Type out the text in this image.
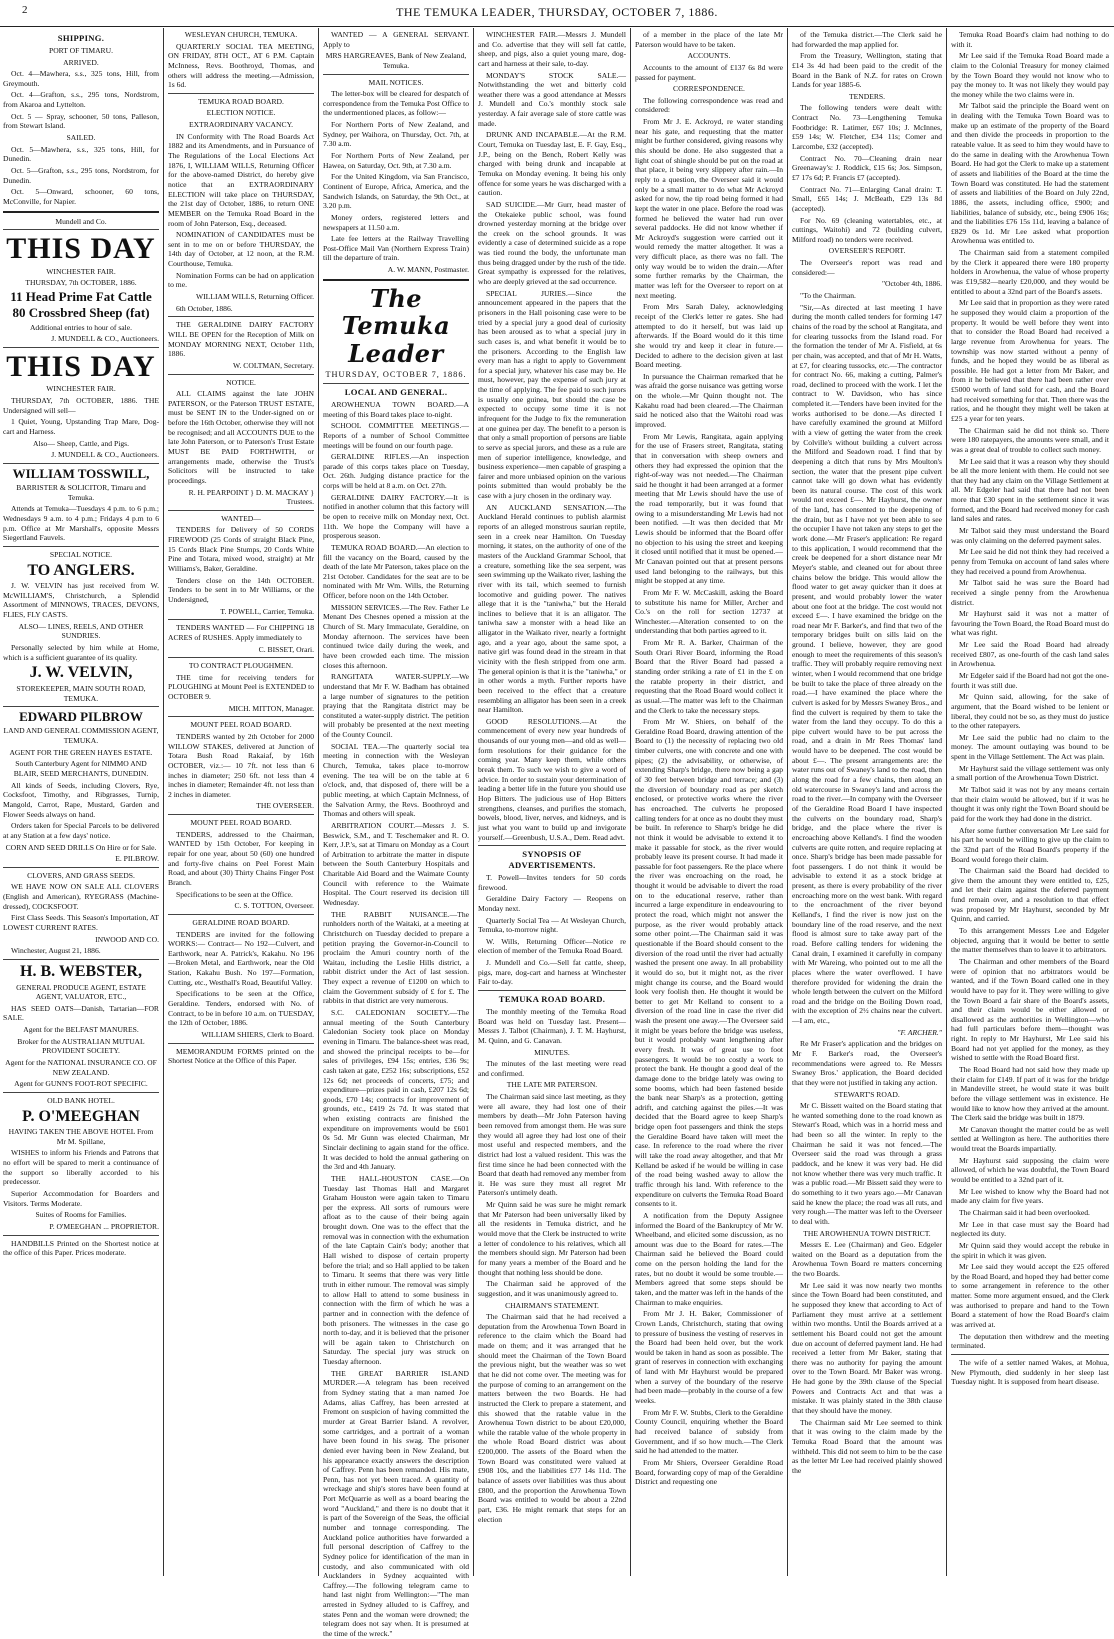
2	THE TEMUKA LEADER, THURSDAY, OCTOBER 7, 1886.

SHIPPING.

PORT OF TIMARU.

ARRIVED.

Oct. 4—Mawhera, s.s., 325 tons, Hill, from Greymouth.

Oct. 4—Grafton, s.s., 295 tons, Nordstrom, from Akaroa and Lyttelton.

Oct. 5 — Spray, schooner, 50 tons, Palleson, from Stewart Island.

SAILED.

Oct. 5—Mawhera, s.s., 325 tons, Hill, for Dunedin.

Oct. 5—Grafton, s.s., 295 tons, Nordstrom, for Dunedin.

Oct. 5—Onward, schooner, 60 tons, McConville, for Napier.

Mundell and Co.

THIS DAY

WINCHESTER FAIR.

THURSDAY, 7th OCTOBER, 1886.

11 Head Prime Fat Cattle

80 Crossbred Sheep (fat)

Additional entries to hour of sale.

J. MUNDELL & CO., Auctioneers.

THIS DAY

WINCHESTER FAIR.

THURSDAY, 7th OCTOBER, 1886. THE Undersigned will sell—

1 Quiet, Young, Upstanding Trap Mare, Dog-cart and Harness.

Also— Sheep, Cattle, and Pigs.

J. MUNDELL & CO., Auctioneers.

WILLIAM TOSSWILL,

BARRISTER & SOLICITOR, Timaru and Temuka.

Attends at Temuka—Tuesdays 4 p.m. to 6 p.m.; Wednesdays 9 a.m. to 4 p.m.; Fridays 4 p.m to 6 p.m. Office at Mr Marshall's, opposite Messrs Siegertland Fauvels.

SPECIAL NOTICE.

TO ANGLERS.

J. W. VELVIN has just received from W. McWILLIAM'S, Christchurch, a Splendid Assortment of MINNOWS, TRACES, DEVONS, FLIES, FLY CASTS.

ALSO— LINES, REELS, AND OTHER SUNDRIES.

Personally selected by him while at Home, which is a sufficient guarantee of its quality.

J. W. VELVIN,

STOREKEEPER, MAIN SOUTH ROAD, TEMUKA.

EDWARD PILBROW

LAND AND GENERAL COMMISSION AGENT, TEMUKA.

AGENT FOR THE GREEN HAYES ESTATE.

South Canterbury Agent for NIMMO AND BLAIR, SEED MERCHANTS, DUNEDIN.

All kinds of Seeds, including Clovers, Rye, Cocksfoot, Timothy, and Ribgrasses, Turnip, Mangold, Carrot, Rape, Mustard, Garden and Flower Seeds always on hand.

Orders taken for Special Parcels to be delivered at any Station at a few days' notice.

CORN AND SEED DRILLS On Hire or for Sale.

E. PILBROW.

CLOVERS, AND GRASS SEEDS.

WE HAVE NOW ON SALE ALL CLOVERS (English and American), RYEGRASS (Machine-dressed), COCKSFOOT.

First Class Seeds. This Season's Importation, AT LOWEST CURRENT RATES.

INWOOD AND CO.

Winchester, August 21, 1886.

H. B. WEBSTER,

GENERAL PRODUCE AGENT, ESTATE AGENT, VALUATOR, ETC.,

HAS SEED OATS—Danish, Tartarian—FOR SALE.

Agent for the BELFAST MANURES.

Broker for the AUSTRALIAN MUTUAL PROVIDENT SOCIETY.

Agent for the NATIONAL INSURANCE CO. OF NEW ZEALAND.

Agent for GUNN'S FOOT-ROT SPECIFIC.

OLD BANK HOTEL.

P. O'MEEGHAN

HAVING TAKEN THE ABOVE HOTEL From Mr M. Spillane,

WISHES to inform his Friends and Patrons that no effort will be spared to merit a continuance of the support so liberally accorded to his predecessor.

Superior Accommodation for Boarders and Visitors. Terms Moderate.

Suites of Rooms for Families.

P. O'MEEGHAN ... PROPRIETOR.

HANDBILLS Printed on the Shortest notice at the office of this Paper. Prices moderate.

WESLEYAN CHURCH, TEMUKA.

QUARTERLY SOCIAL TEA MEETING, ON FRIDAY, 8TH OCT., AT 6 P.M. Captain McInness, Revs. Boothroyd, Thomas, and others will address the meeting.—Admission, 1s 6d.

TEMUKA ROAD BOARD.

ELECTION NOTICE.

EXTRAORDINARY VACANCY.

IN Conformity with The Road Boards Act 1882 and its Amendments, and in Pursuance of The Regulations of the Local Elections Act 1876, I, WILLIAM WILLS, Returning Officer for the above-named District, do hereby give notice that an EXTRAORDINARY ELECTION will take place on THURSDAY, the 21st day of October, 1886, to return ONE MEMBER on the Temuka Road Board in the room of John Paterson, Esq., deceased.

NOMINATION of CANDIDATES must be sent in to me on or before THURSDAY, the 14th day of October, at 12 noon, at the R.M. Courthouse, Temuka.

Nomination Forms can be had on application to me.

WILLIAM WILLS, Returning Officer.

6th October, 1886.

THE GERALDINE DAIRY FACTORY WILL BE OPEN for the Reception of Milk on MONDAY MORNING NEXT, October 11th, 1886.

W. COLTMAN, Secretary.

NOTICE.

ALL CLAIMS against the late JOHN PATERSON, or the Paterson TRUST ESTATE, must be SENT IN to the Under-signed on or before the 16th October, otherwise they will not be recognised; and all ACCOUNTS DUE to the late John Paterson, or to Paterson's Trust Estate MUST BE PAID FORTHWITH, or arrangements made, otherwise the Trust's Solicitors will be instructed to take proceedings.

R. H. PEARPOINT } D. M. MACKAY } Trustees.

WANTED—

TENDERS for Delivery of 50 CORDS FIREWOOD (25 Cords of straight Black Pine, 15 Cords Black Pine Stumps, 20 Cords White Pine and Totara, mixed wood, straight) at Mr Williams's, Baker, Geraldine.

Tenders close on the 14th OCTOBER. Tenders to be sent in to Mr Williams, or the Undersigned,

T. POWELL, Carrier, Temuka.

TENDERS WANTED — For CHIPPING 18 ACRES of RUSHES. Apply immediately to

C. BISSET, Orari.

TO CONTRACT PLOUGHMEN.

THE time for receiving tenders for PLOUGHING at Mount Peel is EXTENDED to OCTOBER 9.

MICH. MITTON, Manager.

MOUNT PEEL ROAD BOARD.

TENDERS wanted by 2th October for 2000 WILLOW STAKES, delivered at Junction of Totara Bush Road Rakaiaf, by 16th OCTOBER, viz.:— 10 7ft. not less than 6 inches in diameter; 250 6ft. not less than 4 inches in diameter; Remainder 4ft. not less than 2 inches in diameter.

THE OVERSEER.

MOUNT PEEL ROAD BOARD.

TENDERS, addressed to the Chairman, WANTED by 15th October, For keeping in repair for one year, about 50 (60) one hundred and forty-five chains on Peel Forest Main Road, and about (30) Thirty Chains Finger Post Branch.

Specifications to be seen at the Office.

C. S. TOTTON, Overseer.

GERALDINE ROAD BOARD.

TENDERS are invited for the following WORKS:— Contract— No 192—Culvert, and Earthwork, near A. Patrick's, Kakahu. No 196—Broken Metal, and Earthwork, near the Old Station, Kakahu Bush. No 197—Formation, Cutting, etc., Westhall's Road, Beautiful Valley.

Specifications to be seen at the Office, Geraldine. Tenders, endorsed with No. of Contract, to be in before 10 a.m. on TUESDAY, the 12th of October, 1886.

WILLIAM SHIERS, Clerk to Board.

MEMORANDUM FORMS printed on the Shortest Notice at the Office of this Paper.

WANTED — A GENERAL SERVANT. Apply to

MRS HARGREAVES, Bank of New Zealand, Temuka.

MAIL NOTICES.

The letter-box will be cleared for despatch of correspondence from the Temuka Post Office to the undermentioned places, as follow:—

For Northern Ports of New Zealand, and Sydney, per Waihora, on Thursday, Oct. 7th, at 7.30 a.m.

For Northern Ports of New Zealand, per Hawea, on Saturday, Oct. 9th, at 7.30 a.m.

For the United Kingdom, via San Francisco, Continent of Europe, Africa, America, and the Sandwich Islands, on Saturday, the 9th Oct., at 3.20 p.m.

Money orders, registered letters and newspapers at 11.50 a.m.

Late fee letters at the Railway Travelling Post-Office Mail Van (Northern Express Train) till the departure of train.

A. W. MANN, Postmaster.

The Temuka Leader

THURSDAY, OCTOBER 7, 1886.

LOCAL AND GENERAL.

AROWHENUA TOWN BOARD.—A meeting of this Board takes place to-night.

SCHOOL COMMITTEE MEETINGS.—Reports of a number of School Committee meetings will be found on our fourth page.

GERALDINE RIFLES.—An inspection parade of this corps takes place on Tuesday, Oct. 26th. Judging distance practice for the corps will be held at 8 a.m. on Oct. 27th.

GERALDINE DAIRY FACTORY.—It is notified in another column that this factory will be open to receive milk on Monday next, Oct. 11th. We hope the Company will have a prosperous season.

TEMUKA ROAD BOARD.—An election to fill the vacancy on the Board, caused by the death of the late Mr Paterson, takes place on the 21st October. Candidates for the seat are to be nominated with Mr Wm. Wills, the Returning Officer, before noon on the 14th October.

MISSION SERVICES.—The Rev. Father Le Menant Des Chesnes opened a mission at the Church of St. Mary Immaculate, Geraldine, on Monday afternoon. The services have been continued twice daily during the week, and have been crowded each time. The mission closes this afternoon.

RANGITATA WATER-SUPPLY.—We understand that Mr F. W. Badham has obtained a large number of signatures to the petition praying that the Rangitata district may be constituted a water-supply district. The petition will probably be presented at the next meeting of the County Council.

SOCIAL TEA.—The quarterly social tea meeting in connection with the Wesleyan Church, Temuka, takes place to-morrow evening. The tea will be on the table at 6 o'clock, and, that disposed of, there will be a public meeting, at which Captain McInness, of the Salvation Army, the Revs. Boothroyd and Thomas and others will speak.

ARBITRATION COURT.—Messrs J. S. Beswick, S.M., and T. Teschemaker and R. O. Kerr, J.P.'s, sat at Timaru on Monday as a Court of Arbitration to arbitrate the matter in dispute between the South Canterbury Hospitals and Charitable Aid Board and the Waimate County Council with reference to the Waimate Hospital. The Court reserved its decision till Wednesday.

THE RABBIT NUISANCE.—The runholders north of the Waitaki, at a meeting at Christchurch on Tuesday decided to prepare a petition praying the Governor-in-Council to proclaim the Amuri country north of the Waitau, including the Leslie Hills district, a rabbit district under the Act of last session. They expect a revenue of £1200 on which to claim the Government subsidy of £ for £. The rabbits in that district are very numerous.

S.C. CALEDONIAN SOCIETY.—The annual meeting of the South Canterbury Caledonian Society took place on Monday evening in Timaru. The balance-sheet was read, and showed the principal receipts to be—for sales of privileges, £94 15s; entries, £36 9s; cash taken at gate, £252 16s; subscriptions, £52 12s 6d; net proceeds of concerts, £75; and expenditure—prizes paid in cash, £207 12s 6d; goods, £70 14s; contracts for improvement of grounds, etc., £419 2s 7d. It was stated that when existing contracts are finished the expenditure on improvements would be £601 0s 5d. Mr Gunn was elected Chairman, Mr Sinclair declining to again stand for the office. It was decided to hold the annual gathering on the 3rd and 4th January.

THE HALL-HOUSTON CASE.—On Tuesday last Thomas Hall and Margaret Graham Houston were again taken to Timaru per the express. All sorts of rumours were afloat as to the cause of their being again brought down. One was to the effect that the removal was in connection with the exhumation of the late Captain Cain's body; another that Hall wished to dispose of certain property before the trial; and so Hall applied to be taken to Timaru. It seems that there was very little truth in either rumour. The removal was simply to allow Hall to attend to some business in connection with the firm of which he was a partner and in connection with the defence of both prisoners. The witnesses in the case go north to-day, and it is believed that the prisoner will be again taken to Christchurch on Saturday. The special jury was struck on Tuesday afternoon.

THE GREAT BARRIER ISLAND MURDER.—A telegram has been received from Sydney stating that a man named Joe Adams, alias Caffrey, has been arrested at Fremont on suspicion of having committed the murder at Great Barrier Island. A revolver, some cartridges, and a portrait of a woman have been found in his swag. The prisoner denied ever having been in New Zealand, but his appearance exactly answers the description of Caffrey. Penn has been remanded. His mate, Penn, has not yet been traced. A quantity of wreckage and ship's stores have been found at Port McQuarrie as well as a board bearing the word "Auckland," and there is no doubt that it is part of the Sovereign of the Seas, the official number and tonnage corresponding. The Auckland police authorities have forwarded a full personal description of Caffrey to the Sydney police for identification of the man in custody, and also communicated with old Aucklanders in Sydney acquainted with Caffrey.—The following telegram came to hand last night from Wellington:—"The man arrested in Sydney alluded to is Caffrey, and states Penn and the woman were drowned; the telegram does not say when. It is presumed at the time of the wreck."

WINCHESTER FAIR.—Messrs J. Mundell and Co. advertise that they will sell fat cattle, sheep, and pigs, also a quiet young mare, dog-cart and harness at their sale, to-day.

MONDAY'S STOCK SALE.—Notwithstanding the wet and bitterly cold weather there was a good attendance at Messrs J. Mundell and Co.'s monthly stock sale yesterday. A fair average sale of store cattle was made.

DRUNK AND INCAPABLE.—At the R.M. Court, Temuka on Tuesday last, E. F. Gay, Esq., J.P., being on the Bench, Robert Kelly was charged with being drunk and incapable at Temuka on Monday evening. It being his only offence for some years he was discharged with a caution.

SAD SUICIDE.—Mr Gurr, head master of the Otekaieke public school, was found drowned yesterday morning at the bridge over the creek on the school grounds. It was evidently a case of determined suicide as a rope was tied round the body, the unfortunate man thus being dragged under by the rush of the tide. Great sympathy is expressed for the relatives, who are deeply grieved at the sad occurrence.

SPECIAL JURIES.—Since the announcement appeared in the papers that the prisoners in the Hall poisoning case were to be tried by a special jury a good deal of curiosity has been aroused as to what a special jury in such cases is, and what benefit it would be to the prisoners. According to the English law every man has a right to apply to Government for a special jury, whatever his case may be. He must, however, pay the expense of such jury at the time of applying. The fee paid to such jurors is usually one guinea, but should the case be expected to occupy some time it is not infrequent for the Judge to fix the remuneration at one guinea per day. The benefit to a person is that only a small proportion of persons are liable to serve as special jurors, and these as a rule are men of superior intelligence, knowledge, and business experience—men capable of grasping a fairer and more unbiased opinion on the various points submitted than would probably be the case with a jury chosen in the ordinary way.

AN AUCKLAND SENSATION.—The Auckland Herald continues to publish alarmist reports of an alleged monstrous saurian reptile, seen in a creek near Hamilton. On Tuesday morning, it states, on the authority of one of the masters of the Auckland Grammar School, that a creature, something like the sea serpent, was seen swimming up the Waikato river, lashing the river with its tail, which seemed to furnish locomotive and guiding power. The natives allege that it is the "taniwha," but the Herald inclines to believe that it is an alligator. The taniwha saw a monster with a head like an alligator in the Waikato river, nearly a fortnight ago, and a year ago, about the same spot, a native girl was found dead in the stream in that vicinity with the flesh stripped from one arm. The general opinion is that it is the "taniwha," or in other words a myth. Further reports have been received to the effect that a creature resembling an alligator has been seen in a creek near Hamilton.

GOOD RESOLUTIONS.—At the commencement of every new year hundreds of thousands of our young men—and old as well—form resolutions for their guidance for the coming year. Many keep them, while others break them. To such we wish to give a word of advice. In order to sustain your determination of leading a better life in the future you should use Hop Bitters. The judicious use of Hop Bitters strengthens, cleanses, and purifies the stomach, bowels, blood, liver, nerves, and kidneys, and is just what you want to build up and invigorate yourself.—Greenbush, U.S.A., Dem. Read advt.

SYNOPSIS OF ADVERTISEMENTS.

T. Powell—Invites tenders for 50 cords firewood.

Geraldine Dairy Factory — Reopens on Monday next.

Quarterly Social Tea — At Wesleyan Church, Temuka, to-morrow night.

W. Wills, Returning Officer—Notice re election of member of the Temuka Road Board.

J. Mundell and Co.—Sell fat cattle, sheep, pigs, mare, dog-cart and harness at Winchester Fair to-day.

TEMUKA ROAD BOARD.

The monthly meeting of the Temuka Road Board was held on Tuesday last. Present—Messrs J. Talbot (Chairman), J. T. M. Hayhurst, M. Quinn, and G. Canavan.

MINUTES.

The minutes of the last meeting were read and confirmed.

THE LATE MR PATERSON.

The Chairman said since last meeting, as they were all aware, they had lost one of their members by death—Mr John Paterson having been removed from amongst them. He was sure they would all agree they had lost one of their most useful and respected members, and the district had lost a valued resident. This was the first time since he had been connected with the Board that death had removed any member from it. He was sure they must all regret Mr Paterson's untimely death.

Mr Quinn said he was sure he might remark that Mr Paterson had been universally liked by all the residents in Temuka district, and he would move that the Clerk be instructed to write a letter of condolence to his relatives, which all the members should sign. Mr Paterson had been for many years a member of the Board and he thought that nothing less should be done.

The Chairman said he approved of the suggestion, and it was unanimously agreed to.

CHAIRMAN'S STATEMENT.

The Chairman said that he had received a deputation from the Arowhenua Town Board in reference to the claim which the Board had made on them; and it was arranged that he should meet the Chairman of the Town Board the previous night, but the weather was so wet that he did not come over. The meeting was for the purpose of coming to an arrangement on the matters between the two Boards. He had instructed the Clerk to prepare a statement, and this showed that the ratable value in the Arowhenua Town district to be about £20,000, while the ratable value of the whole property in the whole Road Board district was about £200,000. The assets of the Board when the Town Board was constituted were valued at £908 10s, and the liabilities £77 14s 11d. The balance of assets over liabilities was thus about £800, and the proportion the Arowhenua Town Board was entitled to would be about a 22nd part, £36. He might remark that steps for an election

of a member in the place of the late Mr Paterson would have to be taken.

ACCOUNTS.

Accounts to the amount of £137 6s 8d were passed for payment.

CORRESPONDENCE.

The following correspondence was read and considered:

From Mr J. E. Ackroyd, re water standing near his gate, and requesting that the matter might be further considered, giving reasons why this should be done. He also suggested that a light coat of shingle should be put on the road at that place, it being very slippery after rain.—In reply to a question, the Overseer said it would only be a small matter to do what Mr Ackroyd asked for now, the tip road being formed it had kept the water in one place. Before the road was formed he believed the water had run over several paddocks. He did not know whether if Mr Ackroyd's suggestion were carried out it would remedy the matter altogether. It was a very difficult place, as there was no fall. The only way would be to widen the drain.—After some further remarks by the Chairman, the matter was left for the Overseer to report on at next meeting.

From Mrs Sarah Daley, acknowledging receipt of the Clerk's letter re gates. She had attempted to do it herself, but was laid up afterwards. If the Board would do it this time she would try and keep it clear in future.—Decided to adhere to the decision given at last Board meeting.

In pursuance the Chairman remarked that he was afraid the gorse nuisance was getting worse on the whole.—Mr Quinn thought not. The Kakahu road had been cleared.—The Chairman said he noticed also that the Waitohi road was improved.

From Mr Lewis, Rangitata, again applying for the use of Frasers street, Rangitata, stating that in conversation with sheep owners and others they had expressed the opinion that the right-of-way was not needed.—The Chairman said he thought it had been arranged at a former meeting that Mr Lewis should have the use of the road temporarily, but it was found that owing to a misunderstanding Mr Lewis had not been notified. —It was then decided that Mr Lewis should be informed that the Board offer no objection to his using the street and keeping it closed until notified that it must be opened.—Mr Canavan pointed out that at present persons used land belonging to the railways, but this might be stopped at any time.

From Mr F. W. McCaskill, asking the Board to substitute his name for Miller, Archer and Co.'s on the roll for section 12737 at Winchester.—Alteration consented to on the understanding that both parties agreed to it.

From Mr R. A. Barker, Chairman of the South Orari River Board, informing the Road Board that the River Board had passed a standing order striking a rate of £1 in the £ on the ratable property in their district, and requesting that the Road Board would collect it as usual.—The matter was left to the Chairman and the Clerk to take the necessary steps.

From Mr W. Shiers, on behalf of the Geraldine Road Board, drawing attention of the Board to (1) the necessity of replacing two old timber culverts, one with concrete and one with pipes; (2) the advisability, or otherwise, of extending Sharp's bridge, there now being a gap of 30 feet between bridge and terrace; and (3) the diversion of boundary road as per sketch enclosed, or protective works where the river has encroached. The culverts he proposed calling tenders for at once as no doubt they must be built. In reference to Sharp's bridge he did not think it would be advisable to extend it to make it passable for stock, as the river would probably leave its present course. It had made it passable for foot passengers. Re the place where the river was encroaching on the road, he thought it would be advisable to divert the road on to the educational reserve, rather than incurred a large expenditure in endeavouring to protect the road, which might not answer the purpose, as the river would probably attack some other point.—The Chairman said it was questionable if the Board should consent to the diversion of the road until the river had actually washed the present one away. In all probability it would do so, but it might not, as the river might change its course, and the Board would look very foolish then. He thought it would be better to get Mr Kelland to consent to a diversion of the road line in case the river did wash the present one away.—The Overseer said it might be years before the bridge was useless, but it would probably want lengthening after every fresh. It was of great use to foot passengers. It would be too costly a work to protect the bank. He thought a good deal of the damage done to the bridge lately was owing to some booms, which had been fastened beside the bank near Sharp's as a protection, getting adrift, and catching against the piles.—It was decided that the Board agree to keep Sharp's bridge open foot passengers and think the steps the Geraldine Board have taken will meet the case. In reference to the road where the river will take the road away altogether, and that Mr Kelland be asked if he would be willing in case of the road being washed away to allow the traffic through his land. With reference to the expenditure on culverts the Temuka Road Board consents to it.

A notification from the Deputy Assignee informed the Board of the Bankruptcy of Mr W. Wheelband, and elicited some discussion, as no amount was due to the Board for rates.—The Chairman said he believed the Board could come on the person holding the land for the rates, but no doubt it would be some trouble.—Members agreed that some steps should be taken, and the matter was left in the hands of the Chairman to make enquiries.

From Mr J. H. Baker, Commissioner of Crown Lands, Christchurch, stating that owing to pressure of business the vesting of reserves in the Board had been held over, but the work would be taken in hand as soon as possible. The grant of reserves in connection with exchanging of land with Mr Hayhurst would be prepared when a survey of the boundary of the reserve had been made—probably in the course of a few weeks.

From Mr F. W. Stubbs, Clerk to the Geraldine County Council, enquiring whether the Board had received balance of subsidy from Government, and if so how much.—The Clerk said he had attended to the matter.

From Mr Shiers, Overseer Geraldine Road Board, forwarding copy of map of the Geraldine District and requesting one

of the Temuka district.—The Clerk said he had forwarded the map applied for.

From the Treasury, Wellington, stating that £14 3s 4d had been paid to the credit of the Board in the Bank of N.Z. for rates on Crown Lands for year 1885-6.

TENDERS.

The following tenders were dealt with: Contract No. 73—Lengthening Temuka Footbridge: R. Latimer, £67 10s; J. McInnes, £59 14s; W. Fletcher, £34 11s; Comer and Larcombe, £32 (accepted).

Contract No. 70—Cleaning drain near Greenaway's: J. Roddick, £15 6s; Jos. Simpson, £7 17s 6d; P. Francis £7 (accepted).

Contract No. 71—Enlarging Canal drain: T. Small, £65 14s; J. McBeath, £29 13s 8d (accepted).

For No. 69 (cleaning watertables, etc., at cuttings, Waitohi) and 72 (building culvert, Milford road) no tenders were received.

OVERSEER'S REPORT.

The Overseer's report was read and considered:—

"October 4th, 1886.

"To the Chairman.

"Sir,—As directed at last meeting I have during the month called tenders for forming 147 chains of the road by the school at Rangitata, and for clearing tussocks from the Island road. For the formation the tender of Mr A. Fisfield, at 6s per chain, was accepted, and that of Mr H. Watts, at £7, for clearing tussocks, etc.—The contractor for contract No. 66, making a cutting, Palmer's road, declined to proceed with the work. I let the contract to W. Davidson, who has since completed it.—Tenders have been invited for the works authorised to be done.—As directed I have carefully examined the ground at Milford with a view of getting the water from the creek by Colville's without building a culvert across the Milford and Seadown road. I find that by deepening a ditch that runs by Mrs Moulton's section, the water that the present pipe culvert cannot take will go down what has evidently been its natural course. The cost of this work would not exceed £—. Mr Hayhurst, the owner of the land, has consented to the deepening of the drain, but as I have not yet been able to see the occupier I have not taken any steps to get the work done.—Mr Fraser's application: Re regard to this application, I would recommend that the creek be deepened for a short distance near Mr Meyer's stable, and cleaned out for about three chains below the bridge. This would allow the flood water to get away quicker than it does at present, and would probably lower the water about one foot at the bridge. The cost would not exceed £—. I have examined the bridge on the road near Mr F. Barker's, and find that two of the temporary bridges built on sills laid on the ground. I believe, however, they are good enough to meet the requirements of this season's traffic. They will probably require removing next winter, when I would recommend that one bridge be built to take the place of three already on the road.—I have examined the place where the culvert is asked for by Messrs Swaney Bros., and find the culvert is required by them to take the water from the land they occupy. To do this a pipe culvert would have to be put across the road, and a drain in Mr Rees Thomas' land would have to be deepened. The cost would be about £—. The present arrangements are: the water runs out of Swaney's land to the road, then along the road for a few chains, then along an old watercourse in Swaney's land and across the road to the river.—In company with the Overseer of the Geraldine Road Board I have inspected the culverts on the boundary road, Sharp's bridge, and the place where the river is encroaching above Kelland's. I find the wooden culverts are quite rotten, and require replacing at once. Sharp's bridge has been made passable for foot passengers. I do not think it would be advisable to extend it as a stock bridge at present, as there is every probability of the river encroaching more on the west bank. With regard to the encroachment of the river beyond Kelland's, I find the river is now just on the boundary line of the road reserve, and the next flood is almost sure to take away part of the road. Before calling tenders for widening the Canal drain, I examined it carefully in company with Mr Wareing, who pointed out to me all the places where the water overflowed. I have therefore provided for widening the drain the whole length between the culvert on the Milford road and the bridge on the Boiling Down road, with the exception of 2½ chains near the culvert.—I am, etc.,

"F. ARCHER."

Re Mr Fraser's application and the bridges on Mr F. Barker's road, the Overseer's recommendations were agreed to. Re Messrs Swaney Bros.' application, the Board decided that they were not justified in taking any action.

STEWART'S ROAD.

Mr C. Bissett waited on the Board stating that he wanted something done to the road known as Stewart's Road, which was in a horrid mess and had been so all the winter. In reply to the Chairman he said it was not fenced.—The Overseer said the road was through a grass paddock, and he knew it was very bad. He did not know whether there was very much traffic. It was a public road.—Mr Bissett said they were to do something to it two years ago.—Mr Canavan said he knew the place; the road was all ruts, and very rough.—The matter was left to the Overseer to deal with.

THE AROWHENUA TOWN DISTRICT.

Messrs E. Lee (Chairman) and Geo. Edgeler waited on the Board as a deputation from the Arowhenua Town Board re matters concerning the two Boards.

Mr Lee said it was now nearly two months since the Town Board had been constituted, and he supposed they knew that according to Act of Parliament they must arrive at a settlement within two months. Until the Boards arrived at a settlement his Board could not get the amount due on account of deferred payment land. He had received a letter from Mr Baker, stating that there was no authority for paying the amount over to the Town Board. Mr Baker was wrong. He had gone by the 39th clause of the Special Powers and Contracts Act and that was a mistake. It was plainly stated in the 38th clause that they should have the money.

The Chairman said Mr Lee seemed to think that it was owing to the claim made by the Temuka Road Board that the amount was withheld. This did not seem to him to be the case as the letter Mr Lee had received plainly showed the

Temuka Road Board's claim had nothing to do with it.

Mr Lee said if the Temuka Road Board made a claim to the Colonial Treasury for money claimed by the Town Board they would not know who to pay the money to. It was not likely they would pay the money while the two claims were in.

Mr Talbot said the principle the Board went on in dealing with the Temuka Town Board was to make up an estimate of the property of the Board and then divide the proceeds in proportion to the rateable value. It as seed to him they would have to do the same in dealing with the Arowhenua Town Board. He had got the Clerk to make up a statement of assets and liabilities of the Board at the time the Town Board was constituted. He had the statement of assets and liabilities of the Board on July 22nd, 1886, the assets, including office, £900; and liabilities, balance of subsidy, etc., being £906 16s; and the liabilities £76 15s 11d, leaving a balance of £829 0s 1d. Mr Lee asked what proportion Arowhenua was entitled to.

The Chairman said from a statement compiled by the Clerk it appeared there were 180 property holders in Arowhenua, the value of whose property was £19,582—nearly £20,000, and they would be entitled to about a 32nd part of the Board's assets.

Mr Lee said that in proportion as they were rated he supposed they would claim a proportion of the property. It would be well before they went into that to consider the Road Board had received a large revenue from Arowhenua for years. The township was now started without a penny of funds, and he hoped they would be as liberal as possible. He had got a letter from Mr Baker, and from it he believed that there had been rather over £5000 worth of land sold for cash, and the Board had received something for that. Then there was the ratios, and he thought they might well be taken at £25 a year for ten years.

The Chairman said he did not think so. There were 180 ratepayers, the amounts were small, and it was a great deal of trouble to collect such money.

Mr Lee said that it was a reason why they should be all the more lenient with them. He could not see that they had any claim on the Village Settlement at all. Mr Edgeler had said that there had not been more that £30 spent in the settlement since it was formed, and the Board had received money for cash land sales and rates.

Mr Talbot said they must understand the Board was only claiming on the deferred payment sales.

Mr Lee said he did not think they had received a penny from Temuka on account of land sales where they had received a pound from Arowhenua.

Mr Talbot said he was sure the Board had received a single penny from the Arowhenua district.

Mr Hayhurst said it was not a matter of favouring the Town Board, the Road Board must do what was right.

Mr Lee said the Road Board had already received £807, as one-fourth of the cash land sales in Arowhenua.

Mr Edgeler said if the Board had not got the one-fourth it was still due.

Mr Quinn said, allowing, for the sake of argument, that the Board wished to be lenient or liberal, they could not be so, as they must do justice to the other ratepayers.

Mr Lee said the public had no claim to the money. The amount outlaying was bound to be spent in the Village Settlement. The Act was plain.

Mr Hayhurst said the village settlement was only a small portion of the Arowhenua Town District.

Mr Talbot said it was not by any means certain that their claim would be allowed, but if it was he thought it was only right the Town Board should be paid for the work they had done in the district.

After some further conversation Mr Lee said for his part he would be willing to give up the claim to the 32nd part of the Road Board's property if the Board would forego their claim.

The Chairman said the Board had decided to give them the amount they were entitled to, £25, and let their claim against the deferred payment fund remain over, and a resolution to that effect was proposed by Mr Hayhurst, seconded by Mr Quinn, and carried.

To this arrangement Messrs Lee and Edgeler objected, arguing that it would be better to settle the matter themselves than to leave it to arbitrators.

The Chairman and other members of the Board were of opinion that no arbitrators would be wanted, and if the Town Board called one in they would have to pay for it. They were willing to give the Town Board a fair share of the Board's assets, and their claim would be either allowed or disallowed as the authorities in Wellington—who had full particulars before them—thought was right. In reply to Mr Hayhurst, Mr Lee said his Board had not yet applied for the money, as they wished to settle with the Road Board first.

The Road Board had not said how they made up their claim for £149. If part of it was for the bridge in Mandeville street, he would state it was built before the village settlement was in existence. He would like to know how they arrived at the amount. The Clerk said the bridge was built in 1879.

Mr Canavan thought the matter could be as well settled at Wellington as here. The authorities there would treat the Boards impartially.

Mr Hayhurst said supposing the claim were allowed, of which he was doubtful, the Town Board would be entitled to a 32nd part of it.

Mr Lee wished to know why the Board had not made any claim for five years.

The Chairman said it had been overlooked.

Mr Lee in that case must say the Board had neglected its duty.

Mr Quinn said they would accept the rebuke in the spirit in which it was given.

Mr Lee said they would accept the £25 offered by the Road Board, and hoped they had better come to some arrangement in reference to the other matter. Some more argument ensued, and the Clerk was authorised to prepare and hand to the Town Board a statement of how the Road Board's claim was arrived at.

The deputation then withdrew and the meeting terminated.

The wife of a settler named Wakes, at Mohua, New Plymouth, died suddenly in her sleep last Tuesday night. It is supposed from heart disease.
